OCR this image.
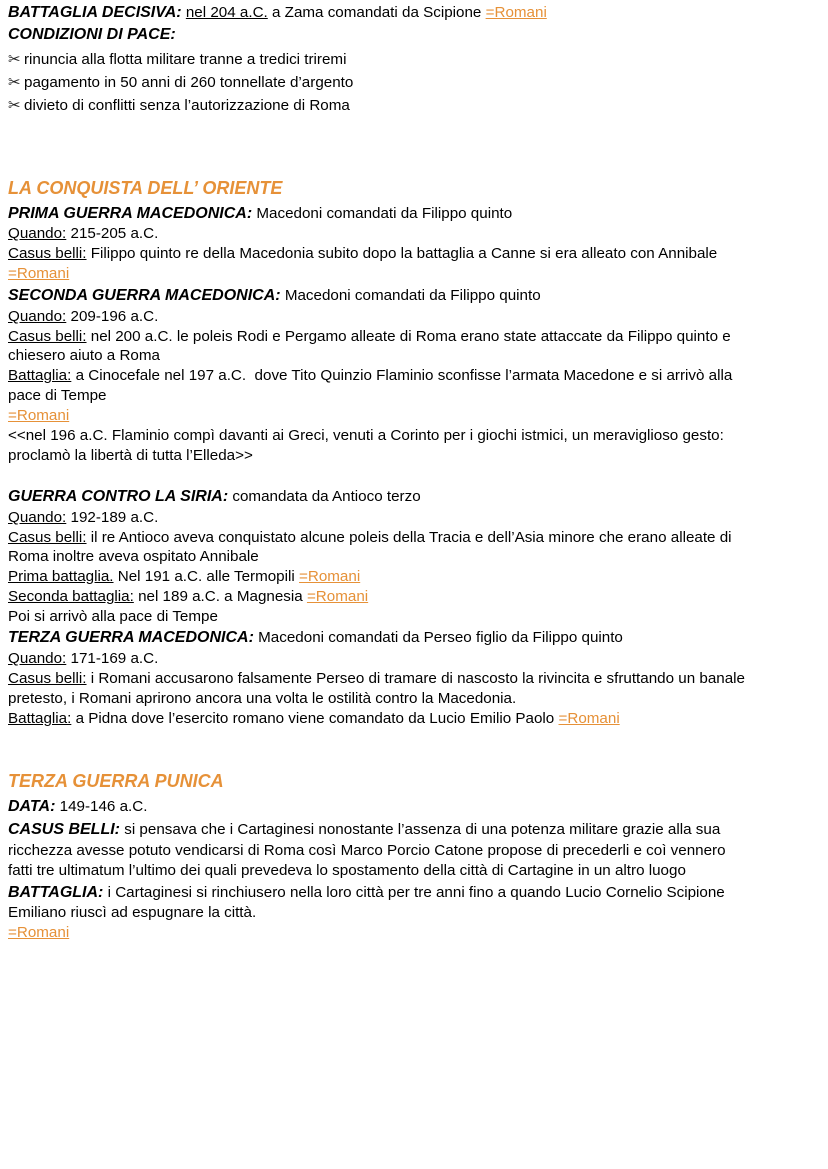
BATTAGLIA DECISIVA: nel 204 a.C. a Zama comandati da Scipione =Romani
CONDIZIONI DI PACE:
✂rinuncia alla flotta militare tranne a tredici triremi
✂pagamento in 50 anni di 260 tonnellate d’argento
✂divieto di conflitti senza l’autorizzazione di Roma
LA CONQUISTA DELL’ ORIENTE
PRIMA GUERRA MACEDONICA: Macedoni comandati da Filippo quinto
Quando: 215-205 a.C.
Casus belli: Filippo quinto re della Macedonia subito dopo la battaglia a Canne si era alleato con Annibale
=Romani
SECONDA GUERRA MACEDONICA: Macedoni comandati da Filippo quinto
Quando: 209-196 a.C.
Casus belli: nel 200 a.C. le poleis Rodi e Pergamo alleate di Roma erano state attaccate da Filippo quinto e
chiesero aiuto a Roma
Battaglia: a Cinocefale nel 197 a.C.  dove Tito Quinzio Flaminio sconfisse l’armata Macedone e si arrivò alla
pace di Tempe
=Romani
<<nel 196 a.C. Flaminio compì davanti ai Greci, venuti a Corinto per i giochi istmici, un meraviglioso gesto:
proclamò la libertà di tutta l’Elleda>>
GUERRA CONTRO LA SIRIA: comandata da Antioco terzo
Quando: 192-189 a.C.
Casus belli: il re Antioco aveva conquistato alcune poleis della Tracia e dell’Asia minore che erano alleate di
Roma inoltre aveva ospitato Annibale
Prima battaglia. Nel 191 a.C. alle Termopili =Romani
Seconda battaglia: nel 189 a.C. a Magnesia =Romani
Poi si arrivò alla pace di Tempe
TERZA GUERRA MACEDONICA: Macedoni comandati da Perseo figlio da Filippo quinto
Quando: 171-169 a.C.
Casus belli: i Romani accusarono falsamente Perseo di tramare di nascosto la rivincita e sfruttando un banale
pretesto, i Romani aprirono ancora una volta le ostilità contro la Macedonia.
Battaglia: a Pidna dove l’esercito romano viene comandato da Lucio Emilio Paolo =Romani
TERZA GUERRA PUNICA
DATA: 149-146 a.C.
CASUS BELLI: si pensava che i Cartaginesi nonostante l’assenza di una potenza militare grazie alla sua
ricchezza avesse potuto vendicarsi di Roma così Marco Porcio Catone propose di precederli e coì vennero
fatti tre ultimatum l’ultimo dei quali prevedeva lo spostamento della città di Cartagine in un altro luogo
BATTAGLIA: i Cartaginesi si rinchiusero nella loro città per tre anni fino a quando Lucio Cornelio Scipione
Emiliano riuscì ad espugnare la città.
=Romani
